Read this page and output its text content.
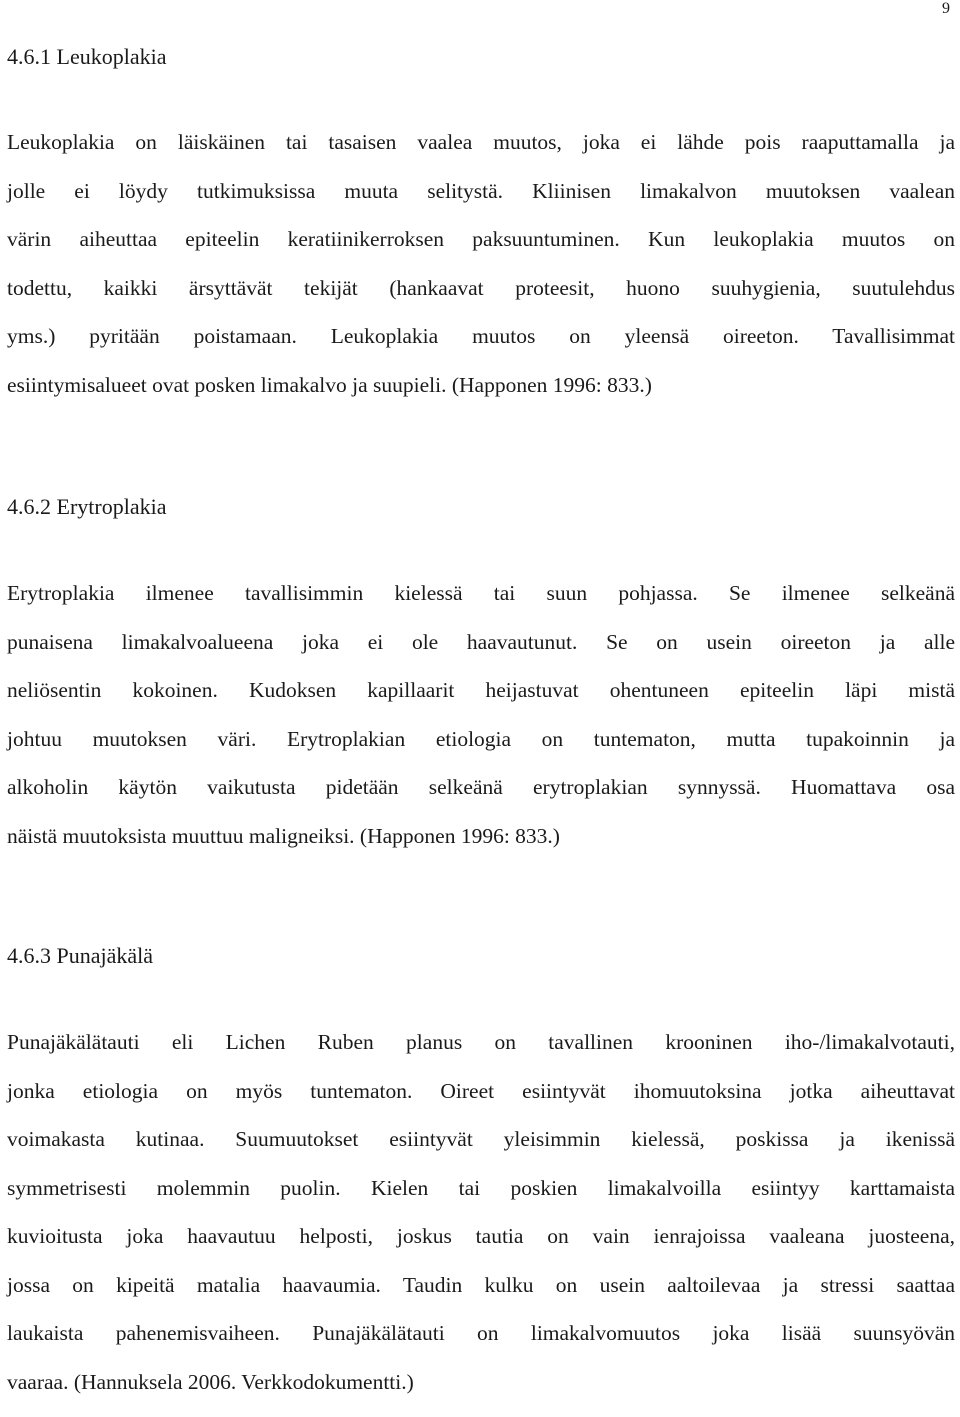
9
4.6.1 Leukoplakia
Leukoplakia on läiskäinen tai tasaisen vaalea muutos, joka ei lähde pois raaputtamalla ja
jolle ei löydy tutkimuksissa muuta selitystä. Kliinisen limakalvon muutoksen vaalean
värin aiheuttaa epiteelin keratiinikerroksen paksuuntuminen. Kun leukoplakia muutos on
todettu, kaikki ärsyttävät tekijät (hankaavat proteesit, huono suuhygienia, suutulehdus
yms.) pyritään poistamaan. Leukoplakia muutos on yleensä oireeton. Tavallisimmat
esiintymisalueet ovat posken limakalvo ja suupieli. (Happonen 1996: 833.)
4.6.2 Erytroplakia
Erytroplakia ilmenee tavallisimmin kielessä tai suun pohjassa. Se ilmenee selkeänä
punaisena limakalvoalueena joka ei ole haavautunut. Se on usein oireeton ja alle
neliösentin kokoinen. Kudoksen kapillaarit heijastuvat ohentuneen epiteelin läpi mistä
johtuu muutoksen väri. Erytroplakian etiologia on tuntematon, mutta tupakoinnin ja
alkoholin käytön vaikutusta pidetään selkeänä erytroplakian synnyssä. Huomattava osa
näistä muutoksista muuttuu maligneiksi. (Happonen 1996: 833.)
4.6.3 Punajäkälä
Punajäkälätauti eli Lichen Ruben planus on tavallinen krooninen iho-/limakalvotauti,
jonka etiologia on myös tuntematon. Oireet esiintyvät ihomuutoksina jotka aiheuttavat
voimakasta kutinaa. Suumuutokset esiintyvät yleisimmin kielessä, poskissa ja ikenissä
symmetrisesti molemmin puolin. Kielen tai poskien limakalvoilla esiintyy karttamaista
kuvioitusta joka haavautuu helposti, joskus tautia on vain ienrajoissa vaaleana juosteena,
jossa on kipeitä matalia haavaumia. Taudin kulku on usein aaltoilevaa ja stressi saattaa
laukaista pahenemisvaiheen. Punajäkälätauti on limakalvomuutos joka lisää suunsyövän
vaaraa. (Hannuksela 2006. Verkkodokumentti.)
